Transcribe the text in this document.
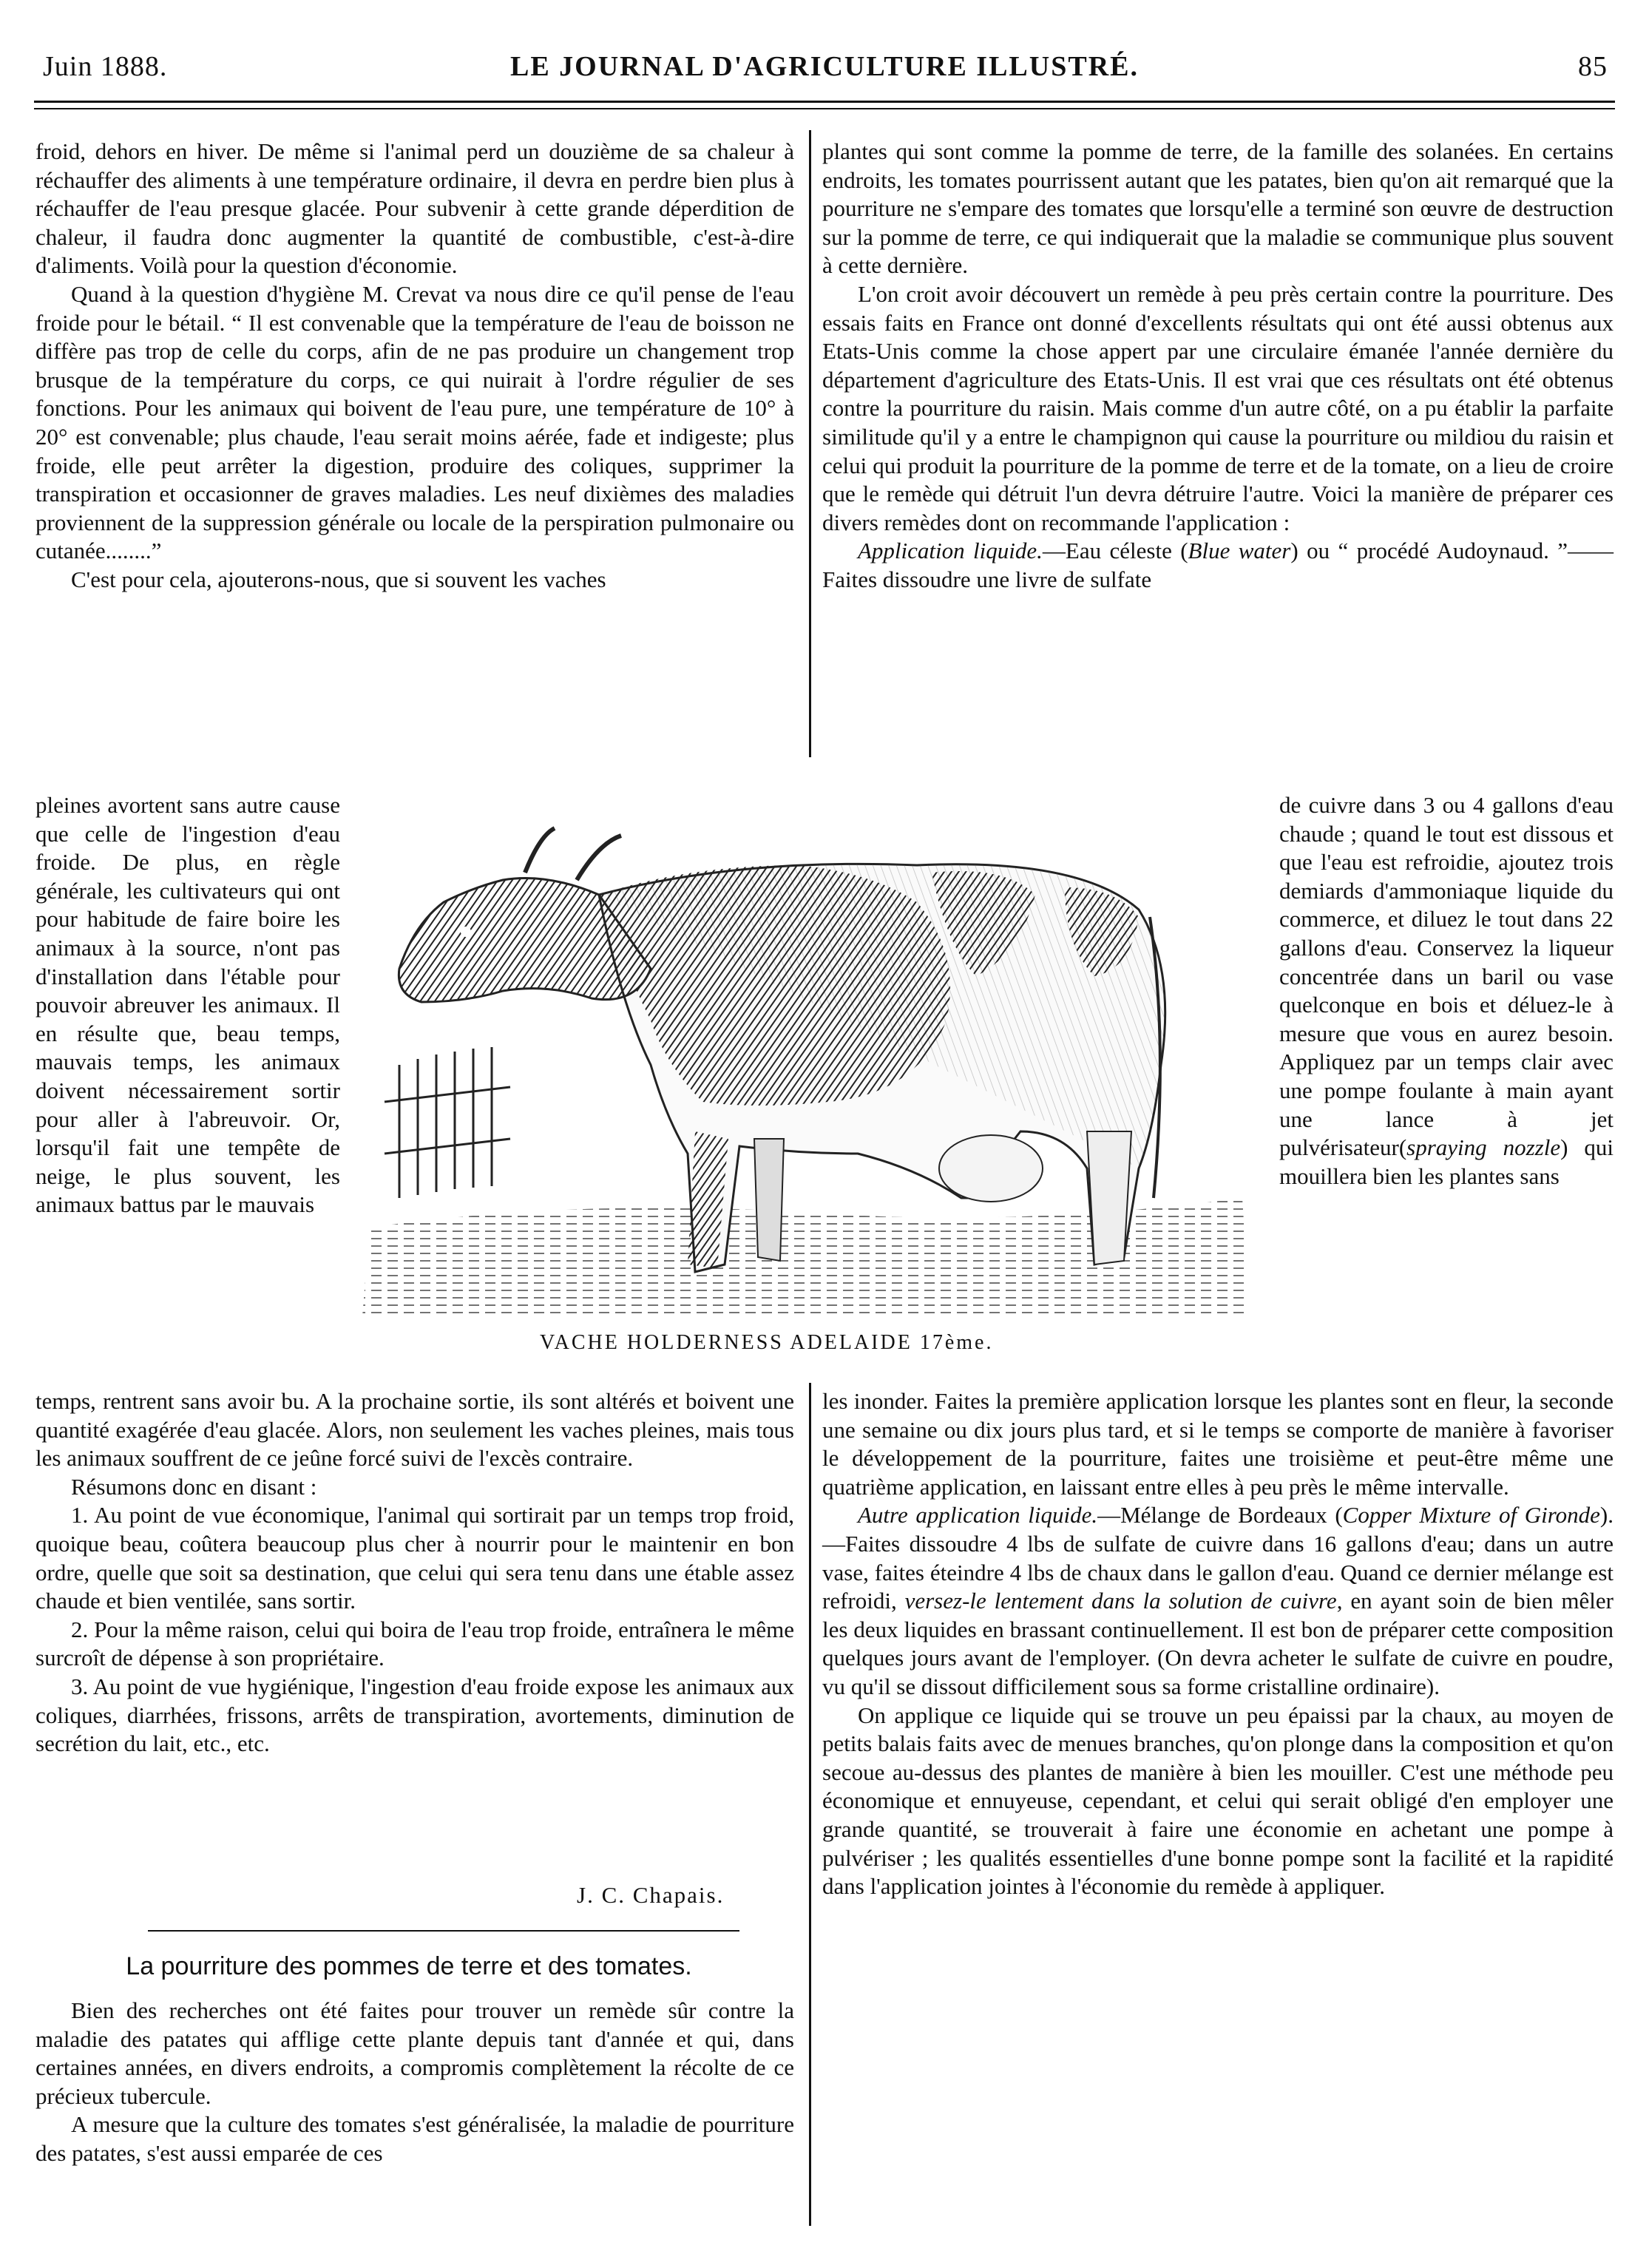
Juin 1888.	LE JOURNAL D'AGRICULTURE ILLUSTRÉ.	85

froid, dehors en hiver. De même si l'animal perd un douzième de sa chaleur à réchauffer des aliments à une température ordinaire, il devra en perdre bien plus à réchauffer de l'eau presque glacée. Pour subvenir à cette grande déperdition de chaleur, il faudra donc augmenter la quantité de combustible, c'est-à-dire d'aliments. Voilà pour la question d'économie.

Quand à la question d'hygiène M. Crevat va nous dire ce qu'il pense de l'eau froide pour le bétail. “ Il est convenable que la température de l'eau de boisson ne diffère pas trop de celle du corps, afin de ne pas produire un changement trop brusque de la température du corps, ce qui nuirait à l'ordre régulier de ses fonctions. Pour les animaux qui boivent de l'eau pure, une température de 10° à 20° est convenable; plus chaude, l'eau serait moins aérée, fade et indigeste; plus froide, elle peut arrêter la digestion, produire des coliques, supprimer la transpiration et occasionner de graves maladies. Les neuf dixièmes des maladies proviennent de la suppression générale ou locale de la perspiration pulmonaire ou cutanée........”

C'est pour cela, ajouterons-nous, que si souvent les vaches

pleines avortent sans autre cause que celle de l'ingestion d'eau froide. De plus, en règle générale, les cultivateurs qui ont pour habitude de faire boire les animaux à la source, n'ont pas d'installation dans l'étable pour pouvoir abreuver les animaux. Il en résulte que, beau temps, mauvais temps, les animaux doivent nécessairement sortir pour aller à l'abreuvoir. Or, lorsqu'il fait une tempête de neige, le plus souvent, les animaux battus par le mauvais

temps, rentrent sans avoir bu. A la prochaine sortie, ils sont altérés et boivent une quantité exagérée d'eau glacée. Alors, non seulement les vaches pleines, mais tous les animaux souffrent de ce jeûne forcé suivi de l'excès contraire.

Résumons donc en disant :

1. Au point de vue économique, l'animal qui sortirait par un temps trop froid, quoique beau, coûtera beaucoup plus cher à nourrir pour le maintenir en bon ordre, quelle que soit sa destination, que celui qui sera tenu dans une étable assez chaude et bien ventilée, sans sortir.

2. Pour la même raison, celui qui boira de l'eau trop froide, entraînera le même surcroît de dépense à son propriétaire.

3. Au point de vue hygiénique, l'ingestion d'eau froide expose les animaux aux coliques, diarrhées, frissons, arrêts de transpiration, avortements, diminution de secrétion du lait, etc., etc.

J. C. Chapais.
La pourriture des pommes de terre et des tomates.

Bien des recherches ont été faites pour trouver un remède sûr contre la maladie des patates qui afflige cette plante depuis tant d'année et qui, dans certaines années, en divers endroits, a compromis complètement la récolte de ce précieux tubercule.

A mesure que la culture des tomates s'est généralisée, la maladie de pourriture des patates, s'est aussi emparée de ces

plantes qui sont comme la pomme de terre, de la famille des solanées. En certains endroits, les tomates pourrissent autant que les patates, bien qu'on ait remarqué que la pourriture ne s'empare des tomates que lorsqu'elle a terminé son œuvre de destruction sur la pomme de terre, ce qui indiquerait que la maladie se communique plus souvent à cette dernière.

L'on croit avoir découvert un remède à peu près certain contre la pourriture. Des essais faits en France ont donné d'excellents résultats qui ont été aussi obtenus aux Etats-Unis comme la chose appert par une circulaire émanée l'année dernière du département d'agriculture des Etats-Unis. Il est vrai que ces résultats ont été obtenus contre la pourriture du raisin. Mais comme d'un autre côté, on a pu établir la parfaite similitude qu'il y a entre le champignon qui cause la pourriture ou mildiou du raisin et celui qui produit la pourriture de la pomme de terre et de la tomate, on a lieu de croire que le remède qui détruit l'un devra détruire l'autre. Voici la manière de préparer ces divers remèdes dont on recommande l'application :

Application liquide.—Eau céleste (Blue water) ou “ procédé Audoynaud. ”——Faites dissoudre une livre de sulfate

de cuivre dans 3 ou 4 gallons d'eau chaude ; quand le tout est dissous et que l'eau est refroidie, ajoutez trois demiards d'ammoniaque liquide du commerce, et diluez le tout dans 22 gallons d'eau. Conservez la liqueur concentrée dans un baril ou vase quelconque en bois et déluez-le à mesure que vous en aurez besoin. Appliquez par un temps clair avec une pompe foulante à main ayant une lance à jet pulvérisateur(spraying nozzle) qui mouillera bien les plantes sans

les inonder. Faites la première application lorsque les plantes sont en fleur, la seconde une semaine ou dix jours plus tard, et si le temps se comporte de manière à favoriser le développement de la pourriture, faites une troisième et peut-être même une quatrième application, en laissant entre elles à peu près le même intervalle.

Autre application liquide.—Mélange de Bordeaux (Copper Mixture of Gironde).—Faites dissoudre 4 lbs de sulfate de cuivre dans 16 gallons d'eau; dans un autre vase, faites éteindre 4 lbs de chaux dans le gallon d'eau. Quand ce dernier mélange est refroidi, versez-le lentement dans la solution de cuivre, en ayant soin de bien mêler les deux liquides en brassant continuellement. Il est bon de préparer cette composition quelques jours avant de l'employer. (On devra acheter le sulfate de cuivre en poudre, vu qu'il se dissout difficilement sous sa forme cristalline ordinaire).

On applique ce liquide qui se trouve un peu épaissi par la chaux, au moyen de petits balais faits avec de menues branches, qu'on plonge dans la composition et qu'on secoue au-dessus des plantes de manière à bien les mouiller. C'est une méthode peu économique et ennuyeuse, cependant, et celui qui serait obligé d'en employer une grande quantité, se trouverait à faire une économie en achetant une pompe à pulvériser ; les qualités essentielles d'une bonne pompe sont la facilité et la rapidité dans l'application jointes à l'économie du remède à appliquer.

VACHE HOLDERNESS ADELAIDE 17ème.
